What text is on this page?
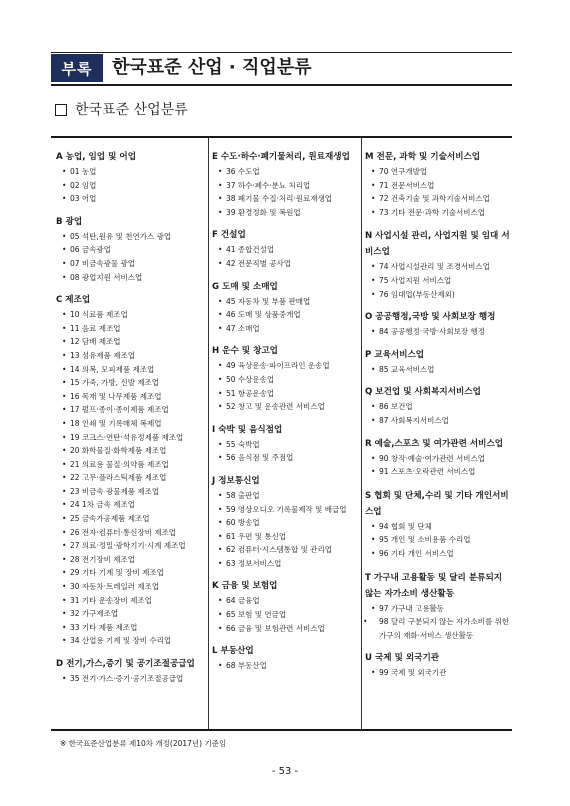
부록	한국표준 산업 · 직업분류
한국표준 산업분류
A 농업, 임업 및 어업
• 01 농업
• 02 임업
• 03 어업
B 광업
• 05 석탄,원유 및 천연가스 광업
• 06 금속광업
• 07 비금속광물 광업
• 08 광업지원 서비스업
C 제조업
• 10 식료품 제조업
• 11 음료 제조업
• 12 담배 제조업
• 13 섬유제품 제조업
• 14 의복, 모피제품 제조업
• 15 가죽, 가방, 신발 제조업
• 16 목재 및 나무제품 제조업
• 17 펄프·종이·종이제품 제조업
• 18 인쇄 및 기록매체 복제업
• 19 코크스·연탄·석유정제품 제조업
• 20 화학물질·화학제품 제조업
• 21 의료용 물질·의약품 제조업
• 22 고무·플라스틱제품 제조업
• 23 비금속 광물제품 제조업
• 24 1차 금속 제조업
• 25 금속가공제품 제조업
• 26 전자·컴퓨터·통신장비 제조업
• 27 의료·정밀·광학기기·시계 제조업
• 28 전기장비 제조업
• 29 기타 기계 및 장비 제조업
• 30 자동차·트레일러 제조업
• 31 기타 운송장비 제조업
• 32 가구제조업
• 33 기타 제품 제조업
• 34 산업용 기계 및 장비 수리업
D 전기,가스,증기 및 공기조절공급업
• 35 전기·가스·증기·공기조절공급업
E 수도·하수·폐기물처리, 원료재생업
• 36 수도업
• 37 하수·폐수·분뇨 처리업
• 38 폐기물 수집·처리·원료재생업
• 39 환경정화 및 복원업
F 건설업
• 41 종합건설업
• 42 전문직별 공사업
G 도매 및 소매업
• 45 자동차 및 부품 판매업
• 46 도매 및 상품중개업
• 47 소매업
H 운수 및 창고업
• 49 육상운송·파이프라인 운송업
• 50 수상운송업
• 51 항공운송업
• 52 창고 및 운송관련 서비스업
I 숙박 및 음식점업
• 55 숙박업
• 56 음식점 및 주점업
J 정보통신업
• 58 출판업
• 59 영상오디오 기록물제작 및 배급업
• 60 방송업
• 61 우편 및 통신업
• 62 컴퓨터·시스템통합 및 관리업
• 63 정보서비스업
K 금융 및 보험업
• 64 금융업
• 65 보험 및 연금업
• 66 금융 및 보험관련 서비스업
L 부동산업
• 68 부동산업
M 전문, 과학 및 기술서비스업
• 70 연구개발업
• 71 전문서비스업
• 72 건축기술 및 과학기술서비스업
• 73 기타 전문·과학 기술서비스업
N 사업시설 관리, 사업지원 및 임대 서비스업
• 74 사업시설관리 및 조경서비스업
• 75 사업지원 서비스업
• 76 임대업(부동산제외)
O 공공행정,국방 및 사회보장 행정
• 84 공공행정·국방·사회보장 행정
P 교육서비스업
• 85 교육서비스업
Q 보건업 및 사회복지서비스업
• 86 보건업
• 87 사회복지서비스업
R 예술,스포츠 및 여가관련 서비스업
• 90 창작·예술·여가관련 서비스업
• 91 스포츠·오락관련 서비스업
S 협회 및 단체,수리 및 기타 개인서비스업
• 94 협회 및 단체
• 95 개인 및 소비용품 수리업
• 96 기타 개인 서비스업
T 가구내 고용활동 및 달리 분류되지 않는 자가소비 생산활동
• 97 가구내 고용활동
• 98 달리 구분되지 않는 자가소비를 위한 가구의 재화·서비스 생산활동
U 국제 및 외국기관
• 99 국제 및 외국기관
※ 한국표준산업분류 제10차 개정(2017년) 기준임
- 53 -
